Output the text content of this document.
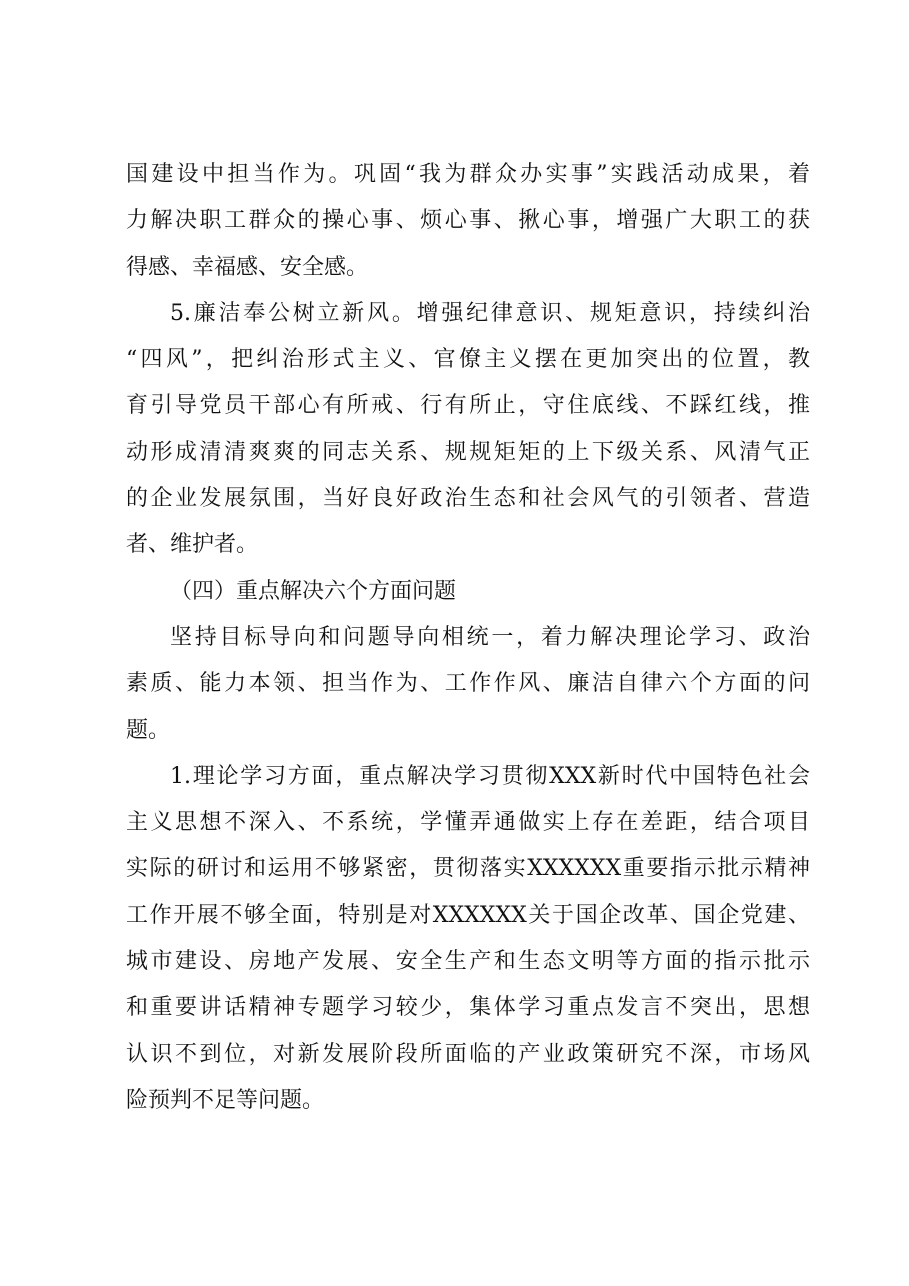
国建设中担当作为。巩固“我为群众办实事”实践活动成果，着
力解决职工群众的操心事、烦心事、揪心事，增强广大职工的获
得感、幸福感、安全感。
5.廉洁奉公树立新风。增强纪律意识、规矩意识，持续纠治
“四风”，把纠治形式主义、官僚主义摆在更加突出的位置，教
育引导党员干部心有所戒、行有所止，守住底线、不踩红线，推
动形成清清爽爽的同志关系、规规矩矩的上下级关系、风清气正
的企业发展氛围，当好良好政治生态和社会风气的引领者、营造
者、维护者。
（四）重点解决六个方面问题
坚持目标导向和问题导向相统一，着力解决理论学习、政治
素质、能力本领、担当作为、工作作风、廉洁自律六个方面的问
题。
1.理论学习方面，重点解决学习贯彻XXX新时代中国特色社会
主义思想不深入、不系统，学懂弄通做实上存在差距，结合项目
实际的研讨和运用不够紧密，贯彻落实XXXXXX重要指示批示精神
工作开展不够全面，特别是对XXXXXX关于国企改革、国企党建、
城市建设、房地产发展、安全生产和生态文明等方面的指示批示
和重要讲话精神专题学习较少，集体学习重点发言不突出，思想
认识不到位，对新发展阶段所面临的产业政策研究不深，市场风
险预判不足等问题。
